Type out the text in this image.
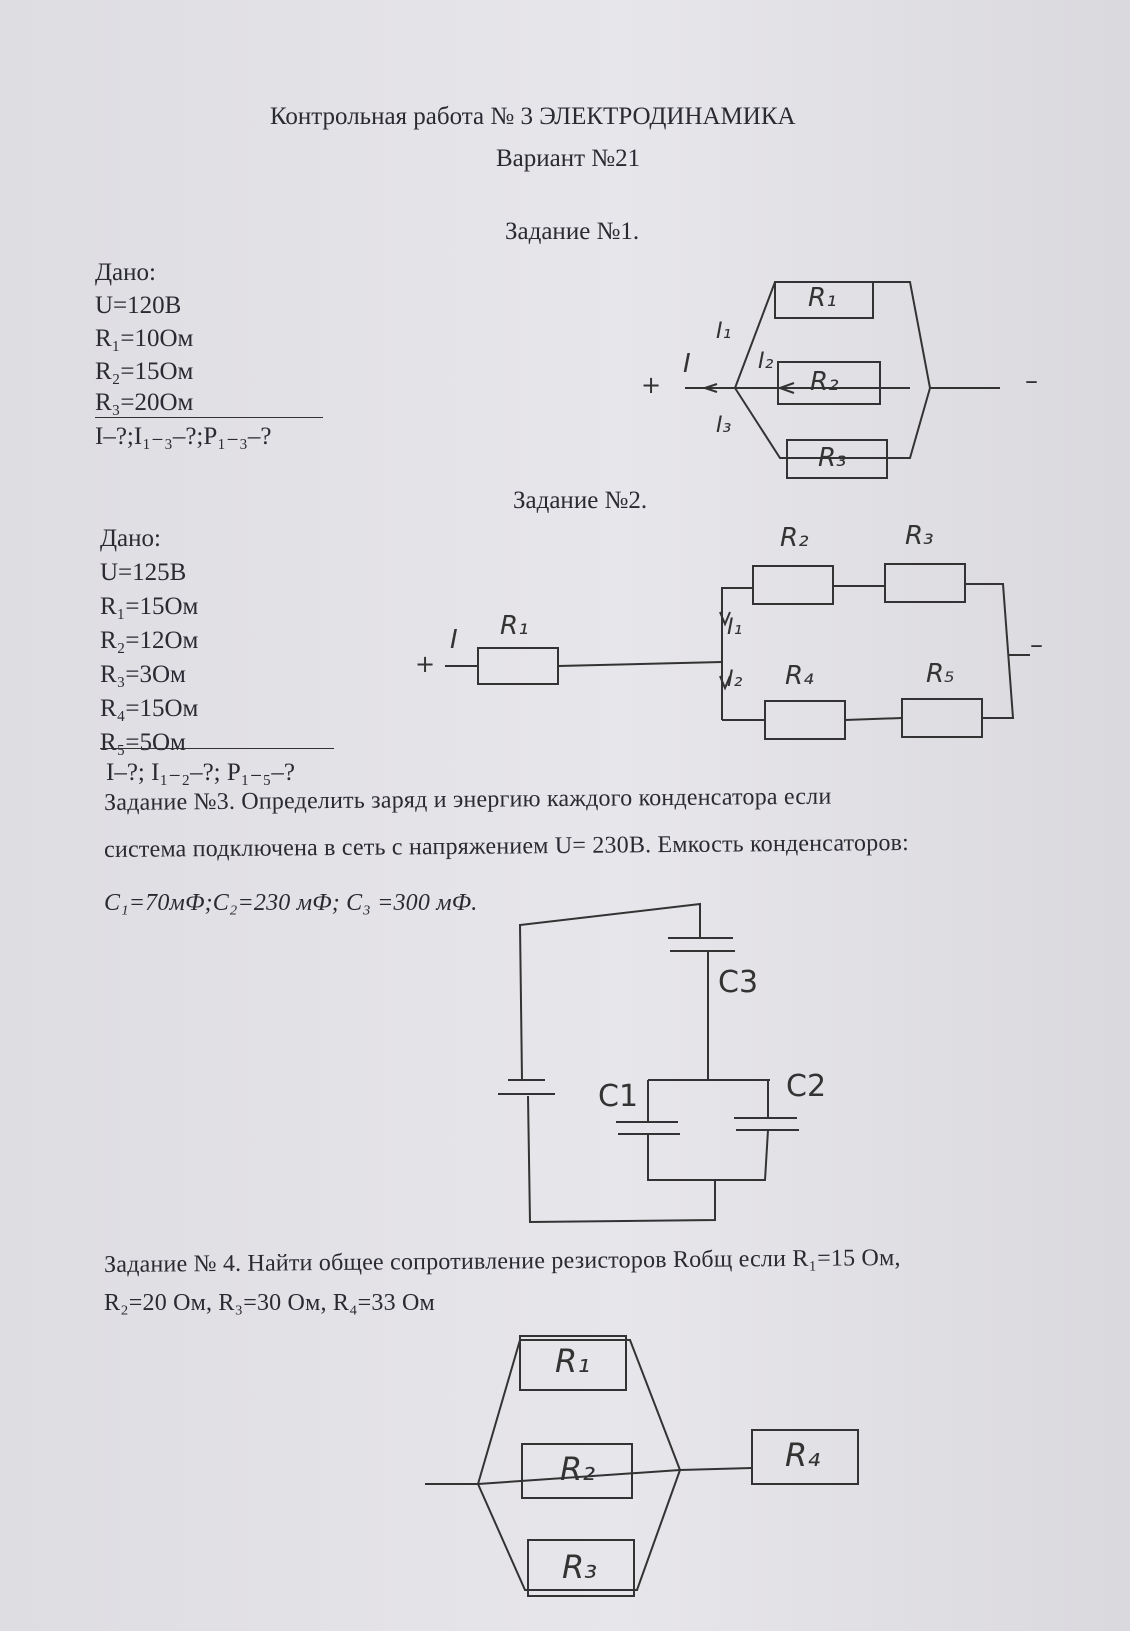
Контрольная работа № 3 ЭЛЕКТРОДИНАМИКА
Вариант №21
Задание №1.
Дано:
U=120В
R₁=10Ом
R₂=15Ом
R₃=20Ом
I–?;I₁₋₃–?;P₁₋₃–?
Задание №2.
Дано:
U=125В
R₁=15Ом
R₂=12Ом
R₃=3Ом
R₄=15Ом
R₅=5Ом
I–?; I₁₋₂–?; P₁₋₅–?
Задание №3. Определить заряд и энергию каждого конденсатора если
система подключена в сеть с напряжением U= 230В. Емкость конденсаторов:
C₁=70мФ;C₂=230 мФ; C₃ =300 мФ.
Задание № 4. Найти общее сопротивление резисторов Rобщ если R₁=15 Ом,
R₂=20 Ом, R₃=30 Ом, R₄=33 Ом
+	–
I
I₁
I₂
I₃
R₁
R₂
R₃
+
–
I R₁	I₁
I₂
R₂	R₃
R₄	R₅
C3
C1	C2
R₁
R₂
R₃
R₄
